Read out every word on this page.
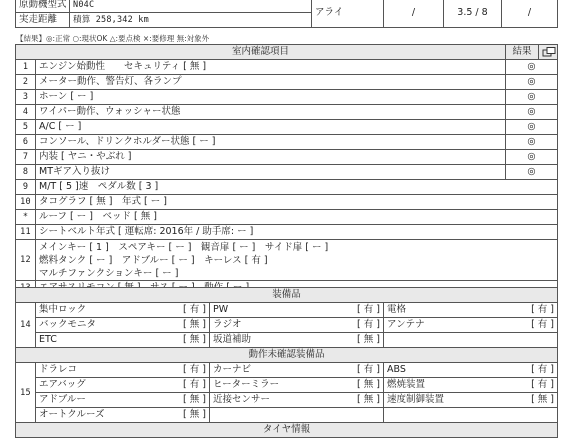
原動機型式	N04C	アライ	/	3.5 / 8	/
実走距離	積算 258,342 km				
【結果】◎:正常 ○:現状OK △:要点検 ×:要修理 無:対象外
室内確認項目		結果	
1	エンジン始動性　　セキュリティ [ 無 ]	◎	
2	メーター動作、警告灯、各ランプ	◎	
3	ホーン [ ー ]	◎	
4	ワイパー動作、ウォッシャー状態	◎	
5	A/C [ ー ]	◎	
6	コンソール、ドリンクホルダー状態 [ ー ]	◎	
7	内装 [ ヤニ・やぶれ ]	◎	
8	MTギア入り抜け	◎	
9	M/T [ 5 ]速　ペダル数 [ 3 ]		
10	タコグラフ [ 無 ]　年式 [ ー ]		
*	ルーフ [ ー ]　ベッド [ 無 ]		
11	シートベルト年式 [ 運転席: 2016年 / 助手席: ー ]		
12	メインキー [ 1 ]　スペアキー [ ー ]　観音扉 [ ー ]　サイド扉 [ ー ]
燃料タンク [ ー ]　アドブルー [ ー ]　キーレス [ 有 ]
マルチファンクションキー [ ー ]		

装備品			
14	集中ロック [ 有 ]	PW [ 有 ]	電格 [ 有 ]

	バックモニタ [ 無 ]	ラジオ [ 有 ]	アンテナ [ 有 ]

	ETC [ 無 ]	坂道補助 [ 無 ]	

動作未確認装備品			
15	ドラレコ [ 有 ]	カーナビ [ 有 ]	ABS [ 有 ]

	エアバッグ [ 有 ]	ヒーターミラー [ 無 ]	燃焼装置 [ 有 ]

	アドブルー [ 無 ]	近接センサー [ 無 ]	速度制御装置 [ 無 ]

	オートクルーズ [ 無 ]		

タイヤ情報			
